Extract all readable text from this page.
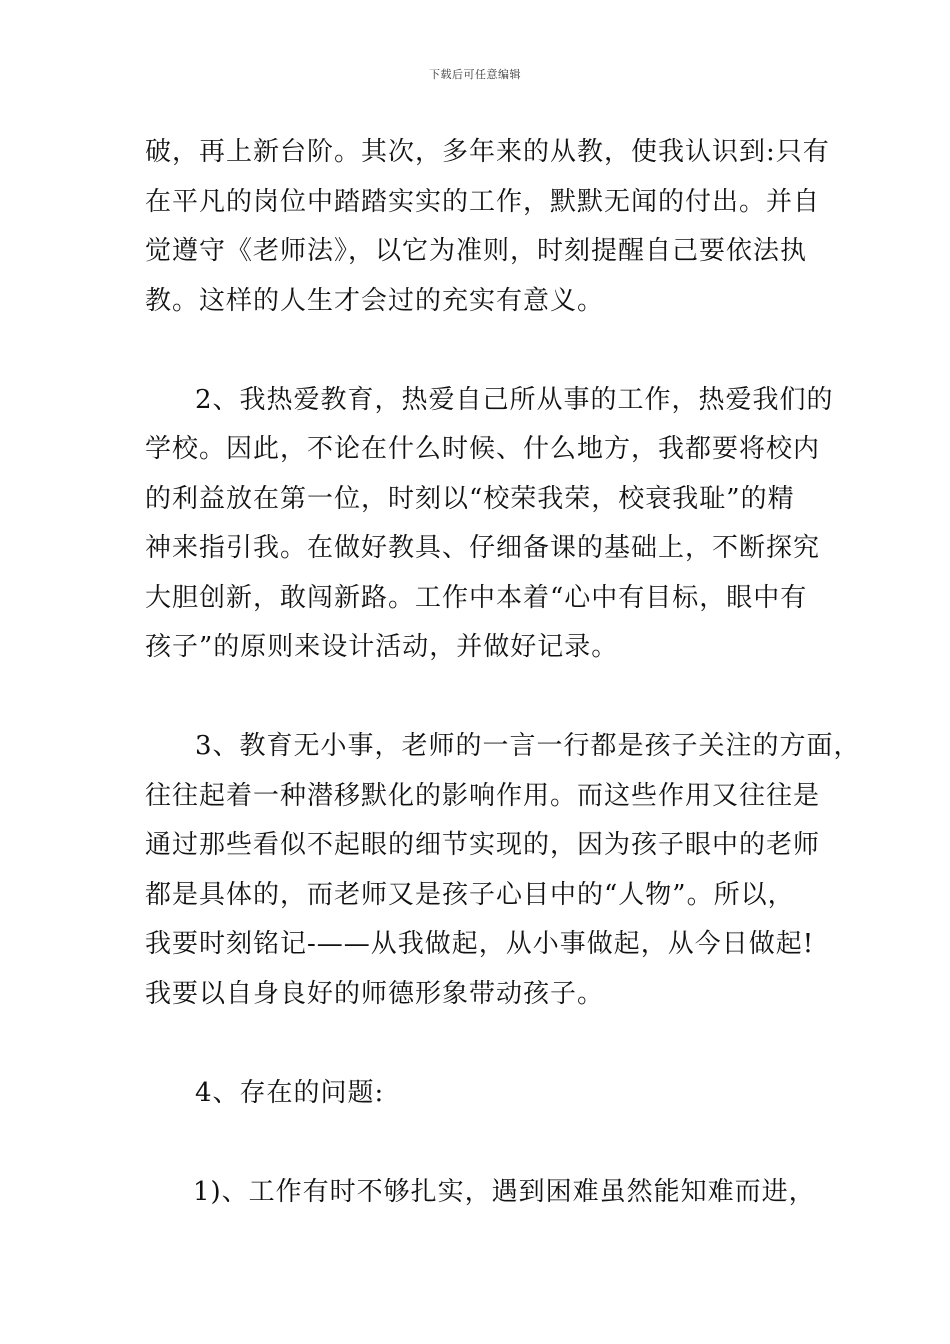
下载后可任意编辑
破，再上新台阶。其次，多年来的从教，使我认识到:只有
在平凡的岗位中踏踏实实的工作，默默无闻的付出。并自
觉遵守《老师法》，以它为准则，时刻提醒自己要依法执
教。这样的人生才会过的充实有意义。
2、我热爱教育，热爱自己所从事的工作，热爱我们的
学校。因此，不论在什么时候、什么地方，我都要将校内
的利益放在第一位，时刻以“校荣我荣，校衰我耻”的精
神来指引我。在做好教具、仔细备课的基础上，不断探究
大胆创新，敢闯新路。工作中本着“心中有目标，眼中有
孩子”的原则来设计活动，并做好记录。
3、教育无小事，老师的一言一行都是孩子关注的方面，
往往起着一种潜移默化的影响作用。而这些作用又往往是
通过那些看似不起眼的细节实现的，因为孩子眼中的老师
都是具体的，而老师又是孩子心目中的“人物”。所以，
我要时刻铭记-——从我做起，从小事做起，从今日做起!
我要以自身良好的师德形象带动孩子。
4、存在的问题:
1)、工作有时不够扎实，遇到困难虽然能知难而进，
